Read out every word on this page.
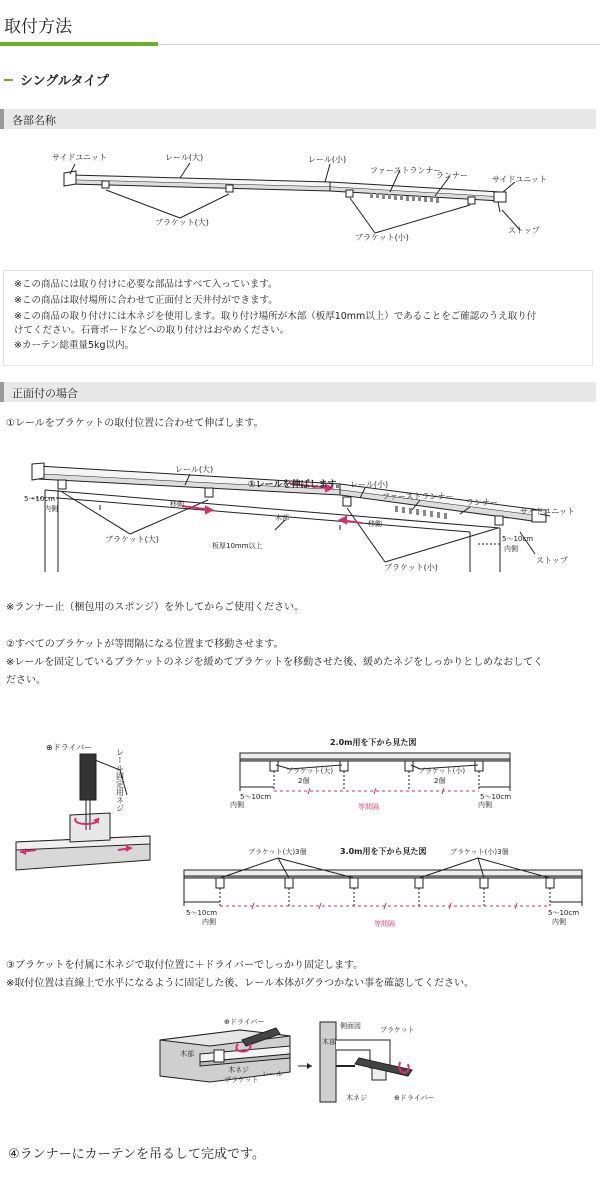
取付方法
シングルタイプ
各部名称
サイドユニット	レール(大)	レール(小)
ファーストランナー
ランナー	サイドユニット
ブラケット(大)
ブラケット(小)
ストップ
※この商品には取り付けに必要な部品はすべて入っています。
※この商品は取付場所に合わせて正面付と天井付ができます。
※この商品の取り付けには木ネジを使用します。取り付け場所が木部（板厚10mm以上）であることをご確認のうえ取り付
けてください。石膏ボードなどへの取り付けはおやめください。
※カーテン総重量5kg以内。
正面付の場合
①レールをブラケットの取付位置に合わせて伸ばします。
レール(大)
①レールを伸ばします。 レール(小)
ファーストランナー
ランナー
サイドユニット
5〜10cm
内側
移動
移動
木部
ブラケット(大)
板厚10mm以上
ブラケット(小)
5〜10cm
内側
ストップ
※ランナー止（梱包用のスポンジ）を外してからご使用ください。
②すべてのブラケットが等間隔になる位置まで移動させます。
※レールを固定しているブラケットのネジを緩めてブラケットを移動させた後、緩めたネジをしっかりとしめなおしてく
ださい。
⊕ドライバー
レール固定用ネジ
2.0m用を下から見た図
ブラケット(大)
2個
ブラケット(小)
2個
5〜10cm
内側
5〜10cm
内側
等間隔
ブラケット(大)3個	3.0m用を下から見た図	ブラケット(小)3個
5〜10cm
内側
5〜10cm
内側
等間隔
③ブラケットを付属に木ネジで取付位置に＋ドライバーでしっかり固定します。
※取付位置は直線上で水平になるように固定した後、レール本体がグラつかない事を確認してください。
⊕ドライバー
木部
木ネジ
ブラケット
レール
側面図	ブラケット
木部
木ネジ	⊕ドライバー
④ランナーにカーテンを吊るして完成です。
